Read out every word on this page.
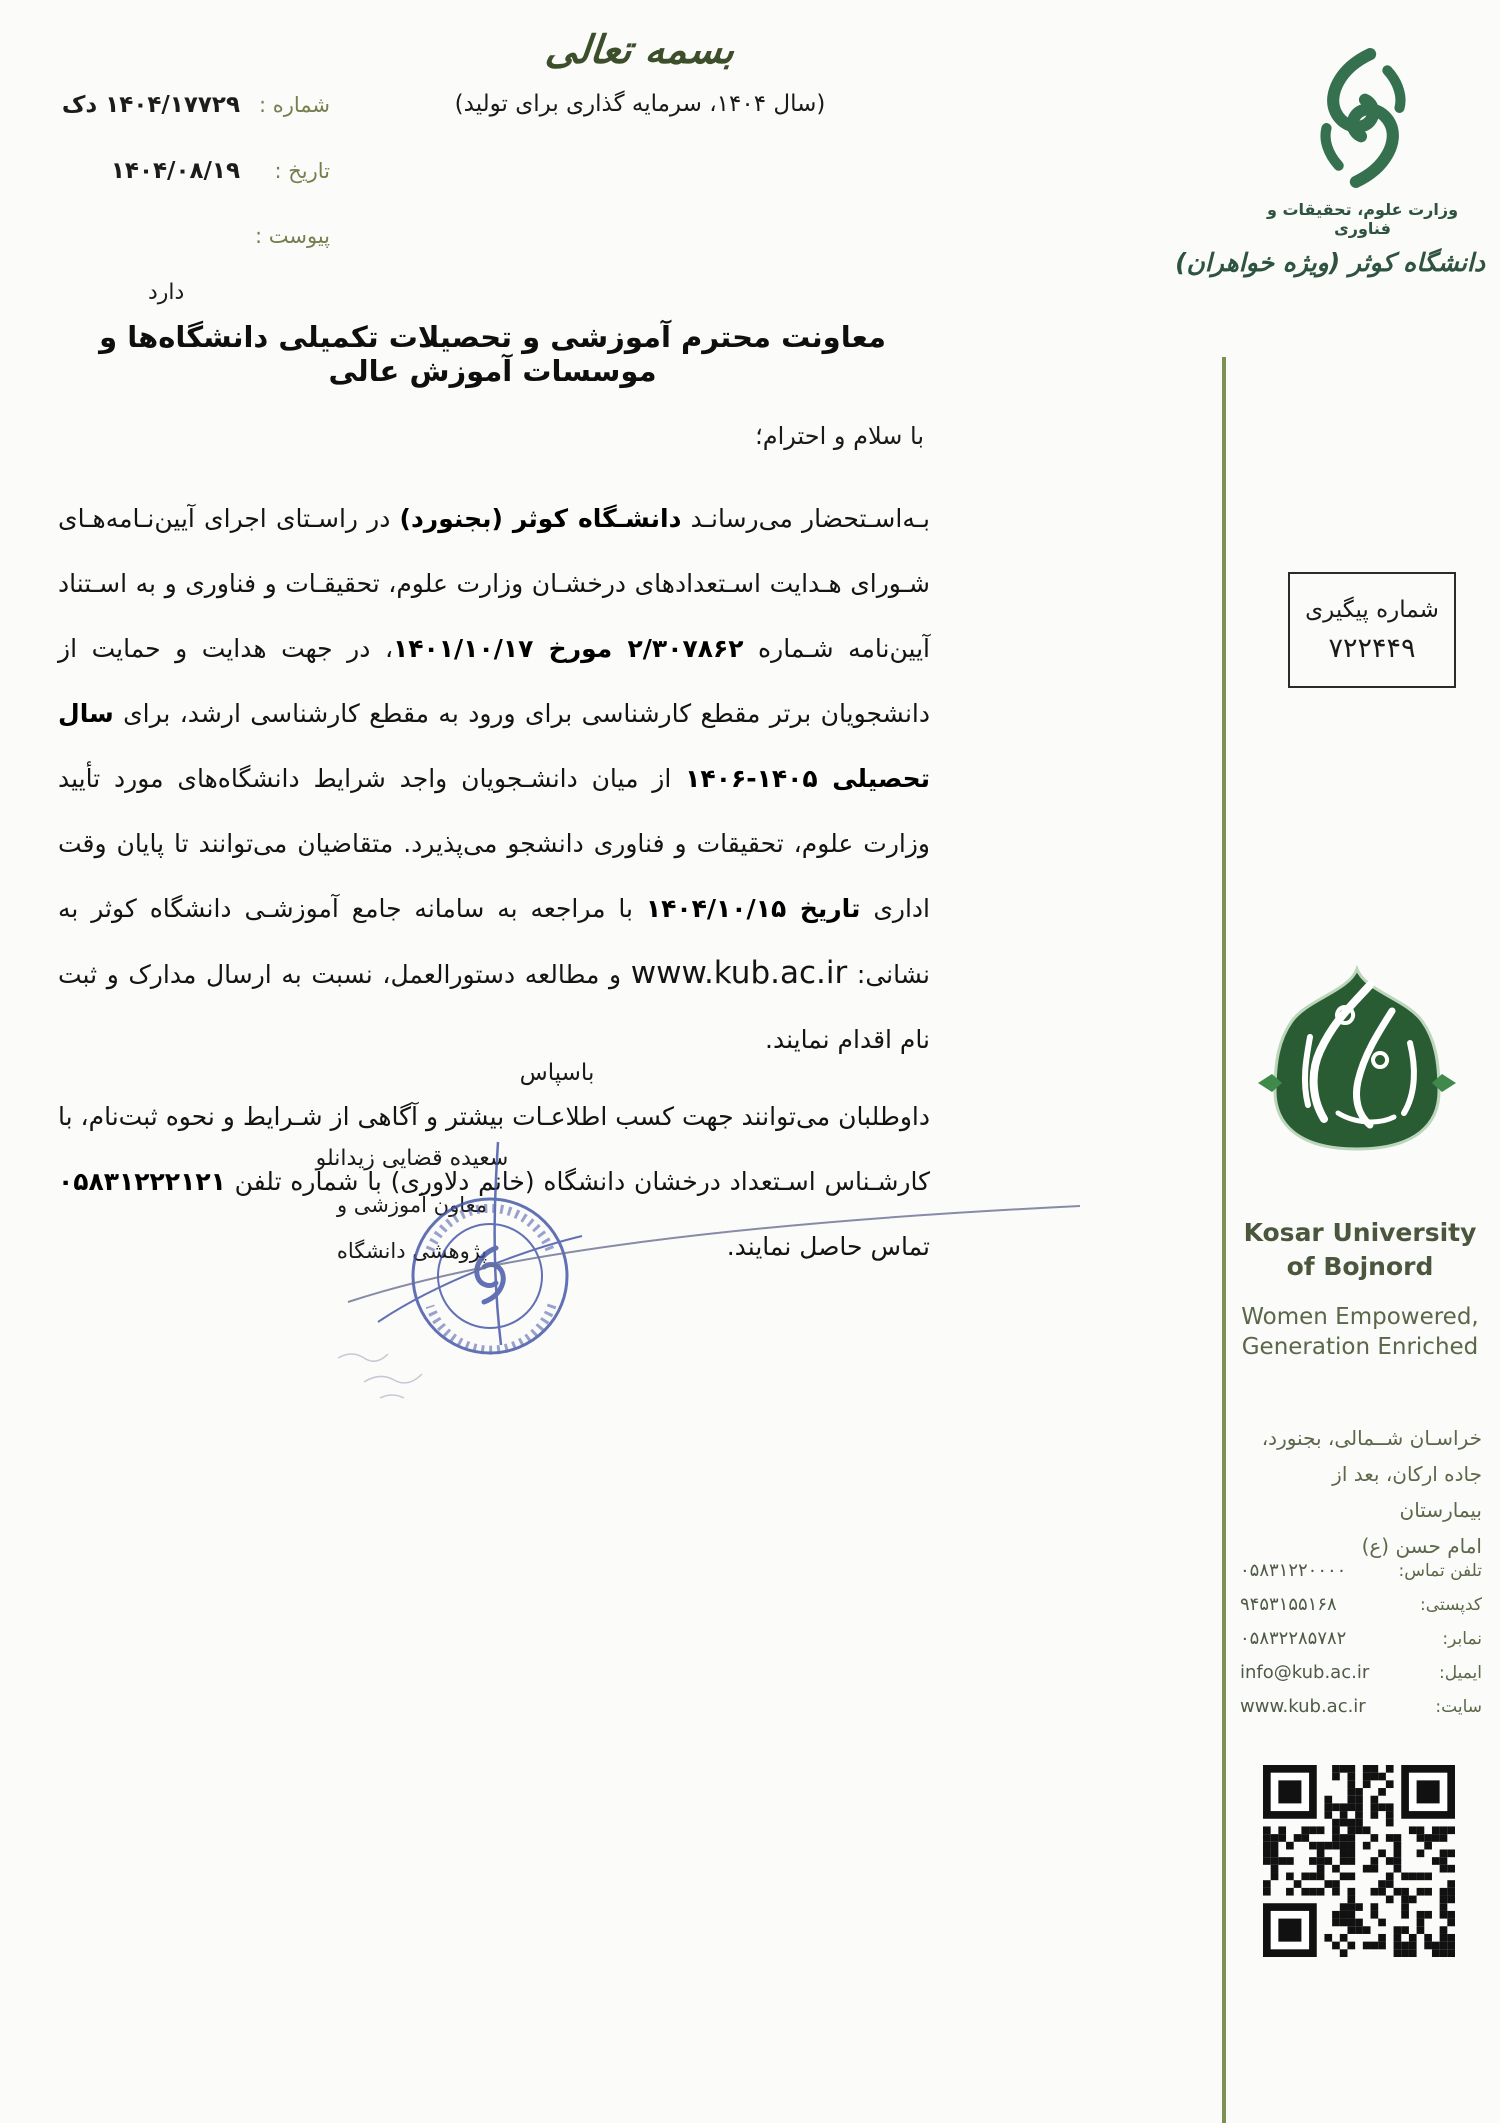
شماره :
۱۴۰۴/۱۷۷۲۹ دک
تاریخ :
۱۴۰۴/۰۸/۱۹
پیوست :
دارد
بسمه تعالی
(سال ۱۴۰۴، سرمایه گذاری برای تولید)
وزارت علوم، تحقیقات و فناوری
دانشگاه کوثر (ویژه خواهران)
معاونت محترم آموزشی و تحصیلات تکمیلی دانشگاه‌ها و موسسات آموزش عالی
با سلام و احترام؛

بـه‌اسـتحضار می‌رسانـد دانشـگاه کوثر (بجنورد) در راسـتای اجرای آیین‌نـامه‌هـای شـورای هـدایت اسـتعدادهای درخشـان وزارت علوم، تحقیقـات و فناوری و به اسـتناد آیین‌نامه شـماره ۲/۳۰۷۸۶۲ مورخ ۱۴۰۱/۱۰/۱۷، در جهت هدایت و حمایت از دانشجویان برتر مقطع کارشناسی برای ورود به مقطع کارشناسی ارشد، برای سال تحصیلی ۱۴۰۵-۱۴۰۶ از میان دانشـجویان واجد شرایط دانشگاه‌های مورد تأیید وزارت علوم، تحقیقات و فناوری دانشجو می‌پذیرد. متقاضیان می‌توانند تا پایان وقت اداری تاریخ ۱۴۰۴/۱۰/۱۵ با مراجعه به سامانه جامع آموزشـی دانشگاه کوثر به نشانی: www.kub.ac.ir و مطالعه دستورالعمل، نسبت به ارسال مدارک و ثبت نام اقدام نمایند.

داوطلبان می‌توانند جهت کسب اطلاعـات بیشتر و آگاهی از شـرایط و نحوه ثبت‌نام، با کارشـناس اسـتعداد درخشان دانشگاه (خانم دلاوری) با شماره تلفن ۰۵۸۳۱۲۲۲۱۲۱ تماس حاصل نمایند.

باسپاس
سعیده قضایی زیدانلو
معاون آموزشی و پژوهشی دانشگاه
شماره پیگیری
۷۲۲۴۴۹
Kosar University
of Bojnord
Women Empowered,
Generation Enriched
خراسـان شــمالی، بجنورد،
جاده ارکان، بعد از بیمارستان
امام حسن (ع)
تلفن تماس:
۰۵۸۳۱۲۲۰۰۰۰
کدپستی:
۹۴۵۳۱۵۵۱۶۸
نمابر:
۰۵۸۳۲۲۸۵۷۸۲
ایمیل:
info@kub.ac.ir
سایت:
www.kub.ac.ir
